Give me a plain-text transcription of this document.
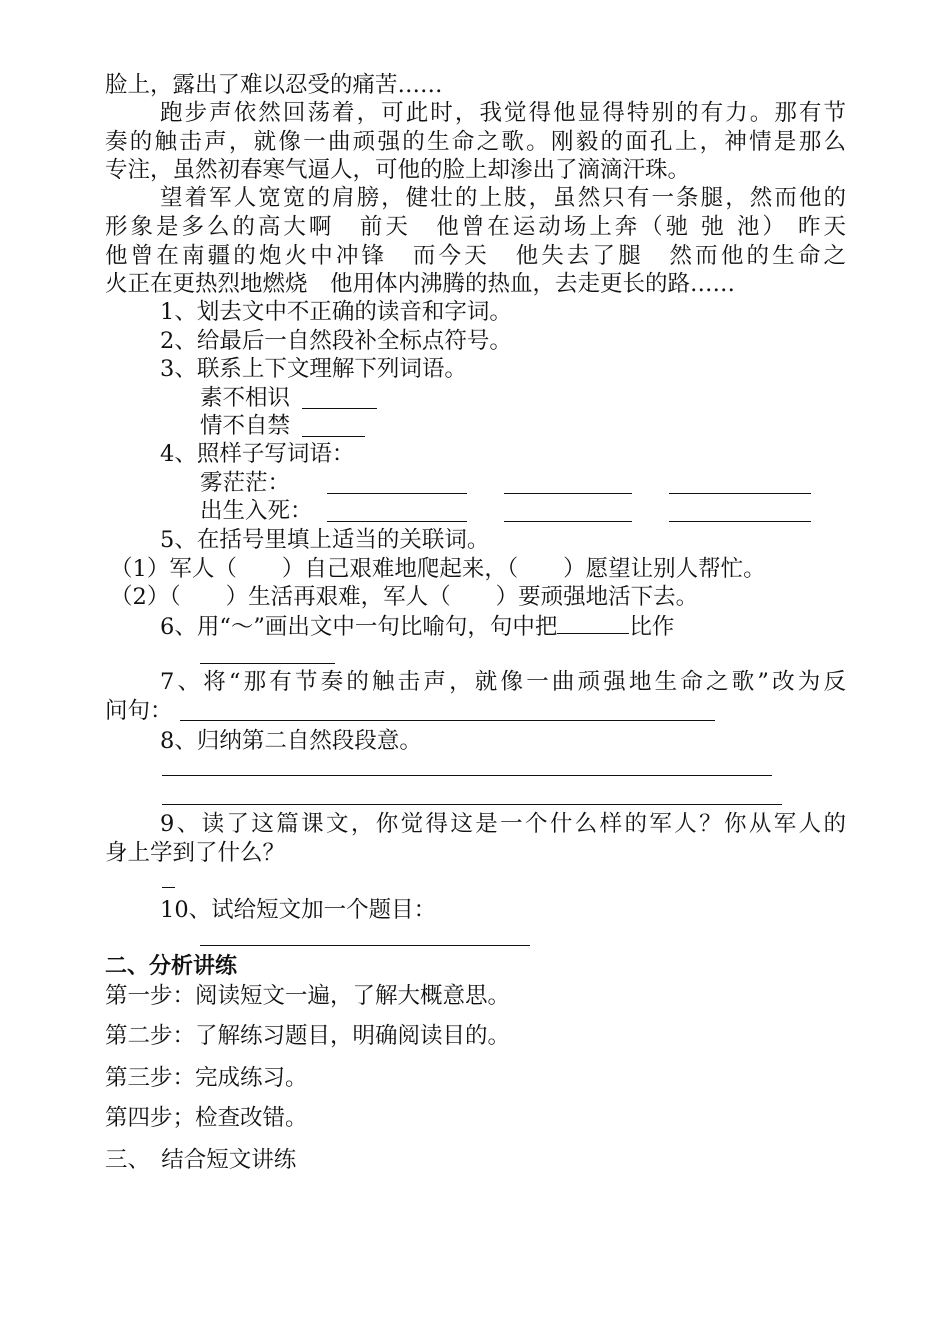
脸上，露出了难以忍受的痛苦……
跑步声依然回荡着，可此时，我觉得他显得特别的有力。那有节
奏的触击声，就像一曲顽强的生命之歌。刚毅的面孔上，神情是那么
专注，虽然初春寒气逼人，可他的脸上却渗出了滴滴汗珠。
望着军人宽宽的肩膀，健壮的上肢，虽然只有一条腿，然而他的
形象是多么的高大啊　前天　他曾在运动场上奔（驰 弛 池） 昨天
他曾在南疆的炮火中冲锋　而今天　他失去了腿　然而他的生命之
火正在更热烈地燃烧　他用体内沸腾的热血，去走更长的路……
1、划去文中不正确的读音和字词。
2、给最后一自然段补全标点符号。
3、联系上下文理解下列词语。
素不相识
情不自禁
4、照样子写词语：
雾茫茫：
出生入死：
5、在括号里填上适当的关联词。
（1）军人（　　）自己艰难地爬起来，（　　）愿望让别人帮忙。
（2）（　　）生活再艰难，军人（　　）要顽强地活下去。
6、用“～”画出文中一句比喻句，句中把	比作
7、将“那有节奏的触击声，就像一曲顽强地生命之歌”改为反
问句：
8、归纳第二自然段段意。
9、读了这篇课文，你觉得这是一个什么样的军人？你从军人的
身上学到了什么？
10、试给短文加一个题目：
二、分析讲练
第一步：阅读短文一遍，了解大概意思。
第二步：了解练习题目，明确阅读目的。
第三步：完成练习。
第四步；检查改错。
三、　结合短文讲练
